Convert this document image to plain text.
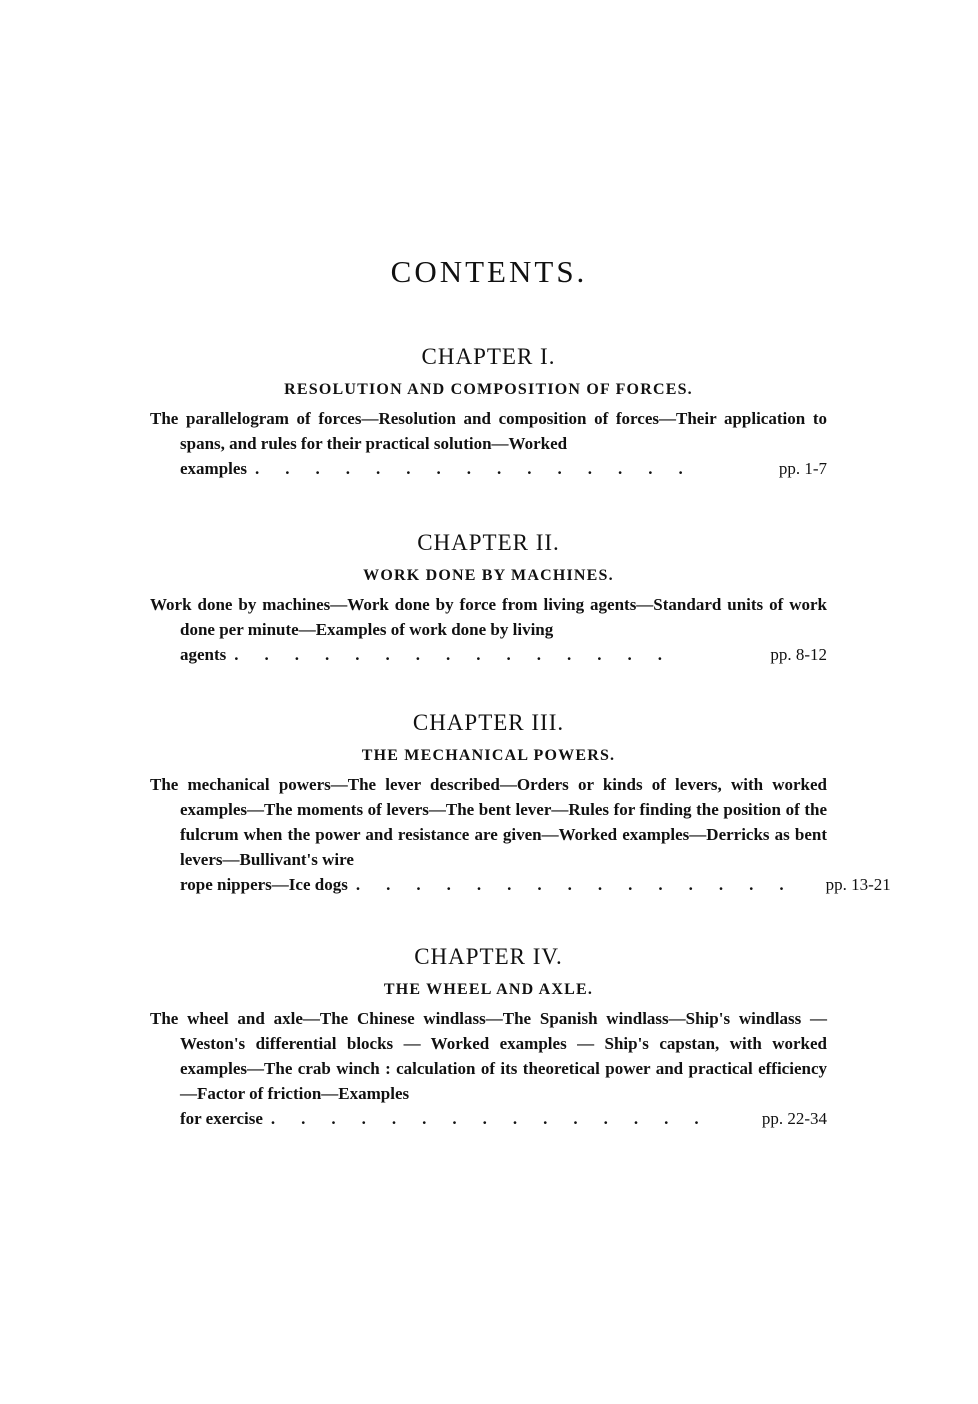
CONTENTS.
CHAPTER I.
RESOLUTION AND COMPOSITION OF FORCES.

The parallelogram of forces—Resolution and composition of forces—Their application to spans, and rules for their practical solution—Worked

examples ...............	pp. 1-7
CHAPTER II.
WORK DONE BY MACHINES.

Work done by machines—Work done by force from living agents—Standard units of work done per minute—Examples of work done by living

agents ...............	pp. 8-12
CHAPTER III.
THE MECHANICAL POWERS.

The mechanical powers—The lever described—Orders or kinds of levers, with worked examples—The moments of levers—The bent lever—Rules for finding the position of the fulcrum when the power and resistance are given—Worked examples—Derricks as bent levers—Bullivant's wire

rope nippers—Ice dogs ............... pp. 13-21
CHAPTER IV.
THE WHEEL AND AXLE.

The wheel and axle—The Chinese windlass—The Spanish windlass—Ship's windlass — Weston's differential blocks — Worked examples — Ship's capstan, with worked examples—The crab winch : calculation of its theoretical power and practical efficiency—Factor of friction—Examples

for exercise ...............	pp. 22-34
